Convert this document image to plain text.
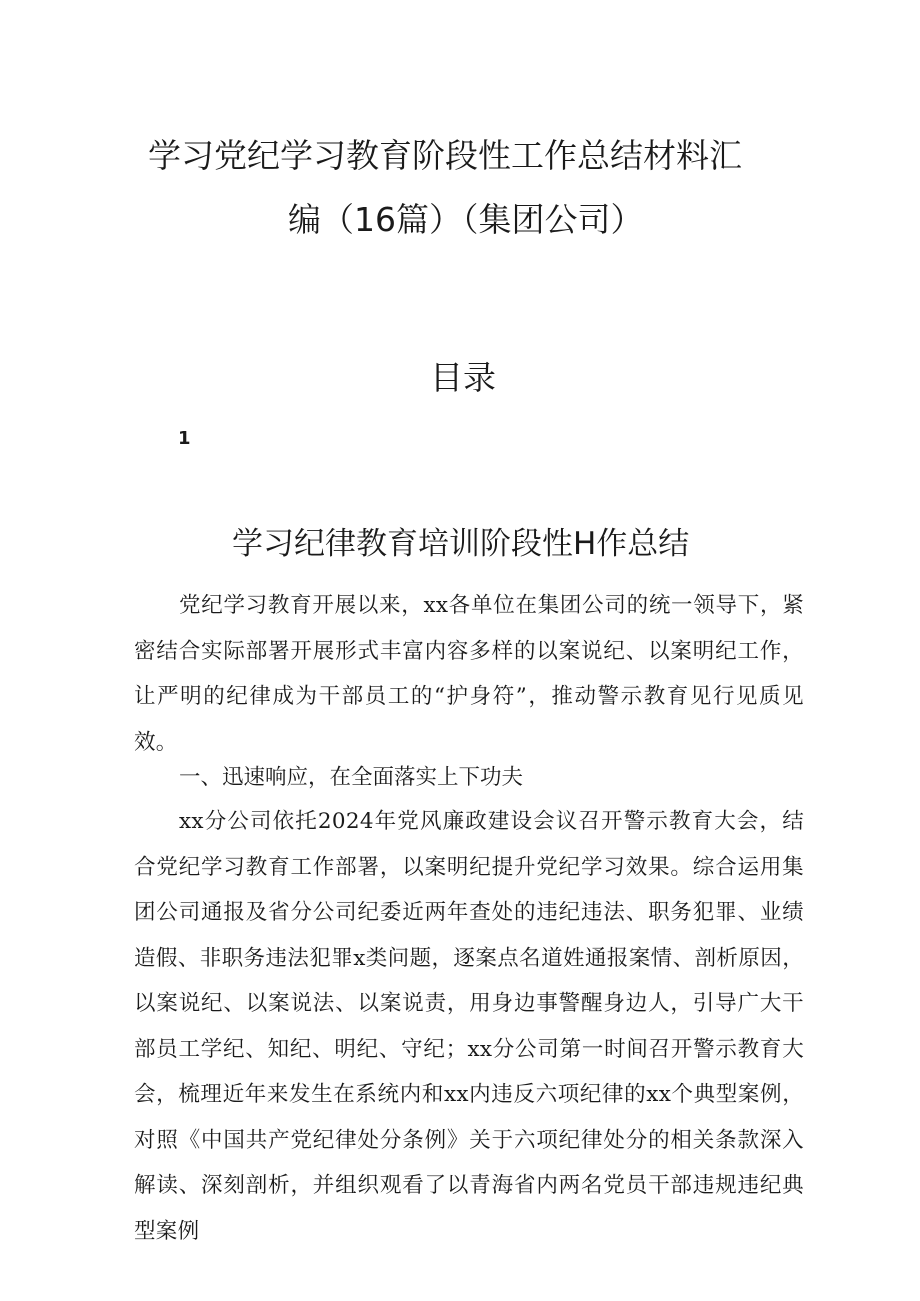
学习党纪学习教育阶段性工作总结材料汇
编（16篇）（集团公司）
目录
1
学习纪律教育培训阶段性H作总结

党纪学习教育开展以来，xx各单位在集团公司的统一领导下，紧密结合实际部署开展形式丰富内容多样的以案说纪、以案明纪工作，让严明的纪律成为干部员工的“护身符”，推动警示教育见行见质见效。

一、迅速响应，在全面落实上下功夫

xx分公司依托2024年党风廉政建设会议召开警示教育大会，结合党纪学习教育工作部署，以案明纪提升党纪学习效果。综合运用集团公司通报及省分公司纪委近两年查处的违纪违法、职务犯罪、业绩造假、非职务违法犯罪x类问题，逐案点名道姓通报案情、剖析原因，以案说纪、以案说法、以案说责，用身边事警醒身边人，引导广大干部员工学纪、知纪、明纪、守纪；xx分公司第一时间召开警示教育大会，梳理近年来发生在系统内和xx内违反六项纪律的xx个典型案例，对照《中国共产党纪律处分条例》关于六项纪律处分的相关条款深入解读、深刻剖析，并组织观看了以青海省内两名党员干部违规违纪典型案例
